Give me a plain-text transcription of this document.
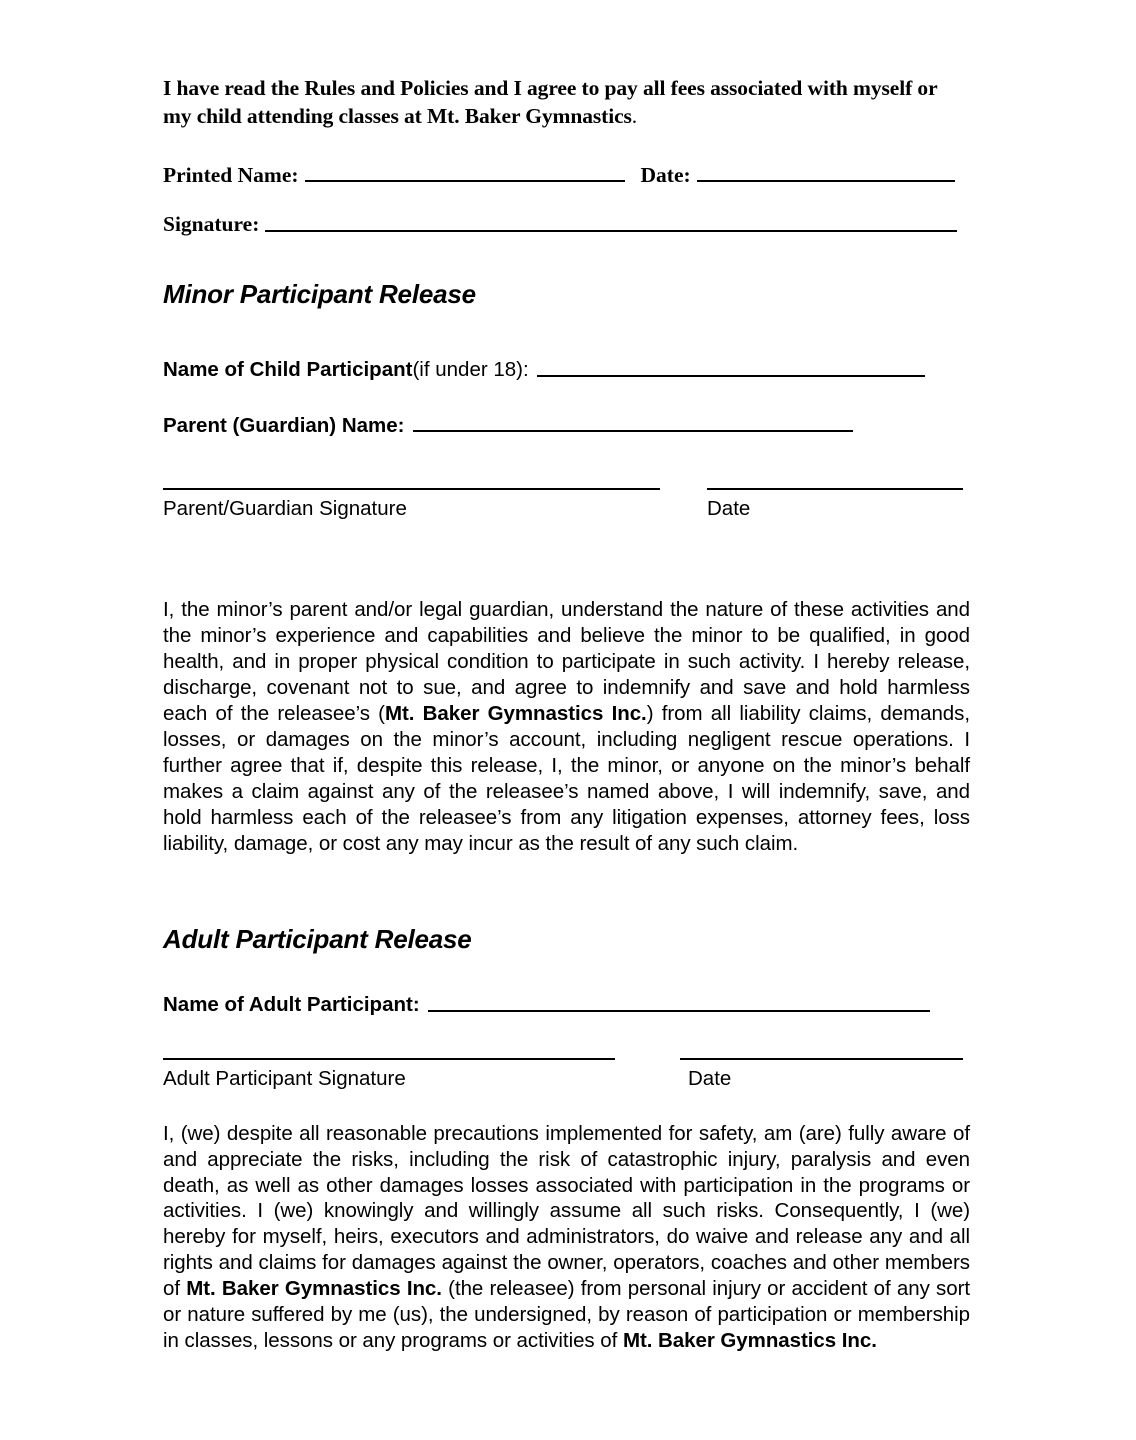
I have read the Rules and Policies and I agree to pay all fees associated with myself or my child attending classes at Mt. Baker Gymnastics.

Printed Name:	Date:
Signature:
Minor Participant Release
Name of Child Participant (if under 18):
Parent (Guardian) Name:
Parent/Guardian Signature	Date

I, the minor’s parent and/or legal guardian, understand the nature of these activities and the minor’s experience and capabilities and believe the minor to be qualified, in good health, and in proper physical condition to participate in such activity. I hereby release, discharge, covenant not to sue, and agree to indemnify and save and hold harmless each of the releasee’s (Mt. Baker Gymnastics Inc.) from all liability claims, demands, losses, or damages on the minor’s account, including negligent rescue operations. I further agree that if, despite this release, I, the minor, or anyone on the minor’s behalf makes a claim against any of the releasee’s named above, I will indemnify, save, and hold harmless each of the releasee’s from any litigation expenses, attorney fees, loss liability, damage, or cost any may incur as the result of any such claim.

Adult Participant Release
Name of Adult Participant:
Adult Participant Signature	Date

I, (we) despite all reasonable precautions implemented for safety, am (are) fully aware of and appreciate the risks, including the risk of catastrophic injury, paralysis and even death, as well as other damages losses associated with participation in the programs or activities. I (we) knowingly and willingly assume all such risks. Consequently, I (we) hereby for myself, heirs, executors and administrators, do waive and release any and all rights and claims for damages against the owner, operators, coaches and other members of Mt. Baker Gymnastics Inc. (the releasee) from personal injury or accident of any sort or nature suffered by me (us), the undersigned, by reason of participation or membership in classes, lessons or any programs or activities of Mt. Baker Gymnastics Inc.
